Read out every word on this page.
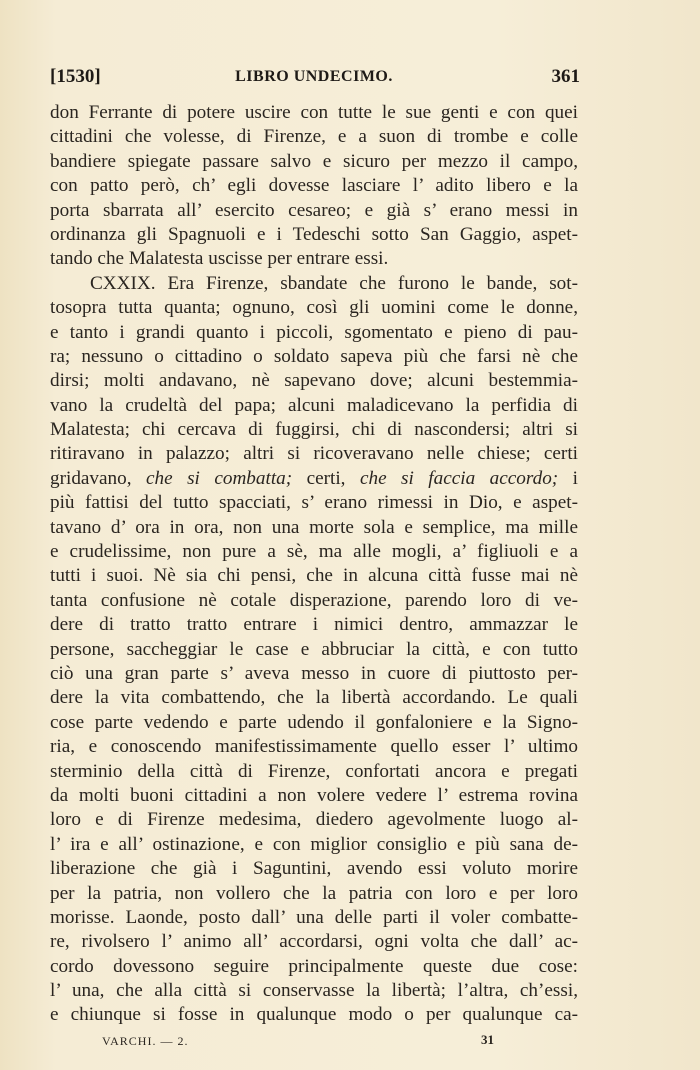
[1530]	LIBRO UNDECIMO.	361
don Ferrante di potere uscire con tutte le sue genti e con quei
cittadini che volesse, di Firenze, e a suon di trombe e colle
bandiere spiegate passare salvo e sicuro per mezzo il campo,
con patto però, ch’ egli dovesse lasciare l’ adito libero e la
porta sbarrata all’ esercito cesareo; e già s’ erano messi in
ordinanza gli Spagnuoli e i Tedeschi sotto San Gaggio, aspet-
tando che Malatesta uscisse per entrare essi.
CXXIX. Era Firenze, sbandate che furono le bande, sot-
tosopra tutta quanta; ognuno, così gli uomini come le donne,
e tanto i grandi quanto i piccoli, sgomentato e pieno di pau-
ra; nessuno o cittadino o soldato sapeva più che farsi nè che
dirsi; molti andavano, nè sapevano dove; alcuni bestemmia-
vano la crudeltà del papa; alcuni maladicevano la perfidia di
Malatesta; chi cercava di fuggirsi, chi di nascondersi; altri si
ritiravano in palazzo; altri si ricoveravano nelle chiese; certi
gridavano, che si combatta; certi, che si faccia accordo; i
più fattisi del tutto spacciati, s’ erano rimessi in Dio, e aspet-
tavano d’ ora in ora, non una morte sola e semplice, ma mille
e crudelissime, non pure a sè, ma alle mogli, a’ figliuoli e a
tutti i suoi. Nè sia chi pensi, che in alcuna città fusse mai nè
tanta confusione nè cotale disperazione, parendo loro di ve-
dere di tratto tratto entrare i nimici dentro, ammazzar le
persone, saccheggiar le case e abbruciar la città, e con tutto
ciò una gran parte s’ aveva messo in cuore di piuttosto per-
dere la vita combattendo, che la libertà accordando. Le quali
cose parte vedendo e parte udendo il gonfaloniere e la Signo-
ria, e conoscendo manifestissimamente quello esser l’ ultimo
sterminio della città di Firenze, confortati ancora e pregati
da molti buoni cittadini a non volere vedere l’ estrema rovina
loro e di Firenze medesima, diedero agevolmente luogo al-
l’ ira e all’ ostinazione, e con miglior consiglio e più sana de-
liberazione che già i Saguntini, avendo essi voluto morire
per la patria, non vollero che la patria con loro e per loro
morisse. Laonde, posto dall’ una delle parti il voler combatte-
re, rivolsero l’ animo all’ accordarsi, ogni volta che dall’ ac-
cordo dovessono seguire principalmente queste due cose:
l’ una, che alla città si conservasse la libertà; l’altra, ch’essi,
e chiunque si fosse in qualunque modo o per qualunque ca-
VARCHI. — 2.	31
